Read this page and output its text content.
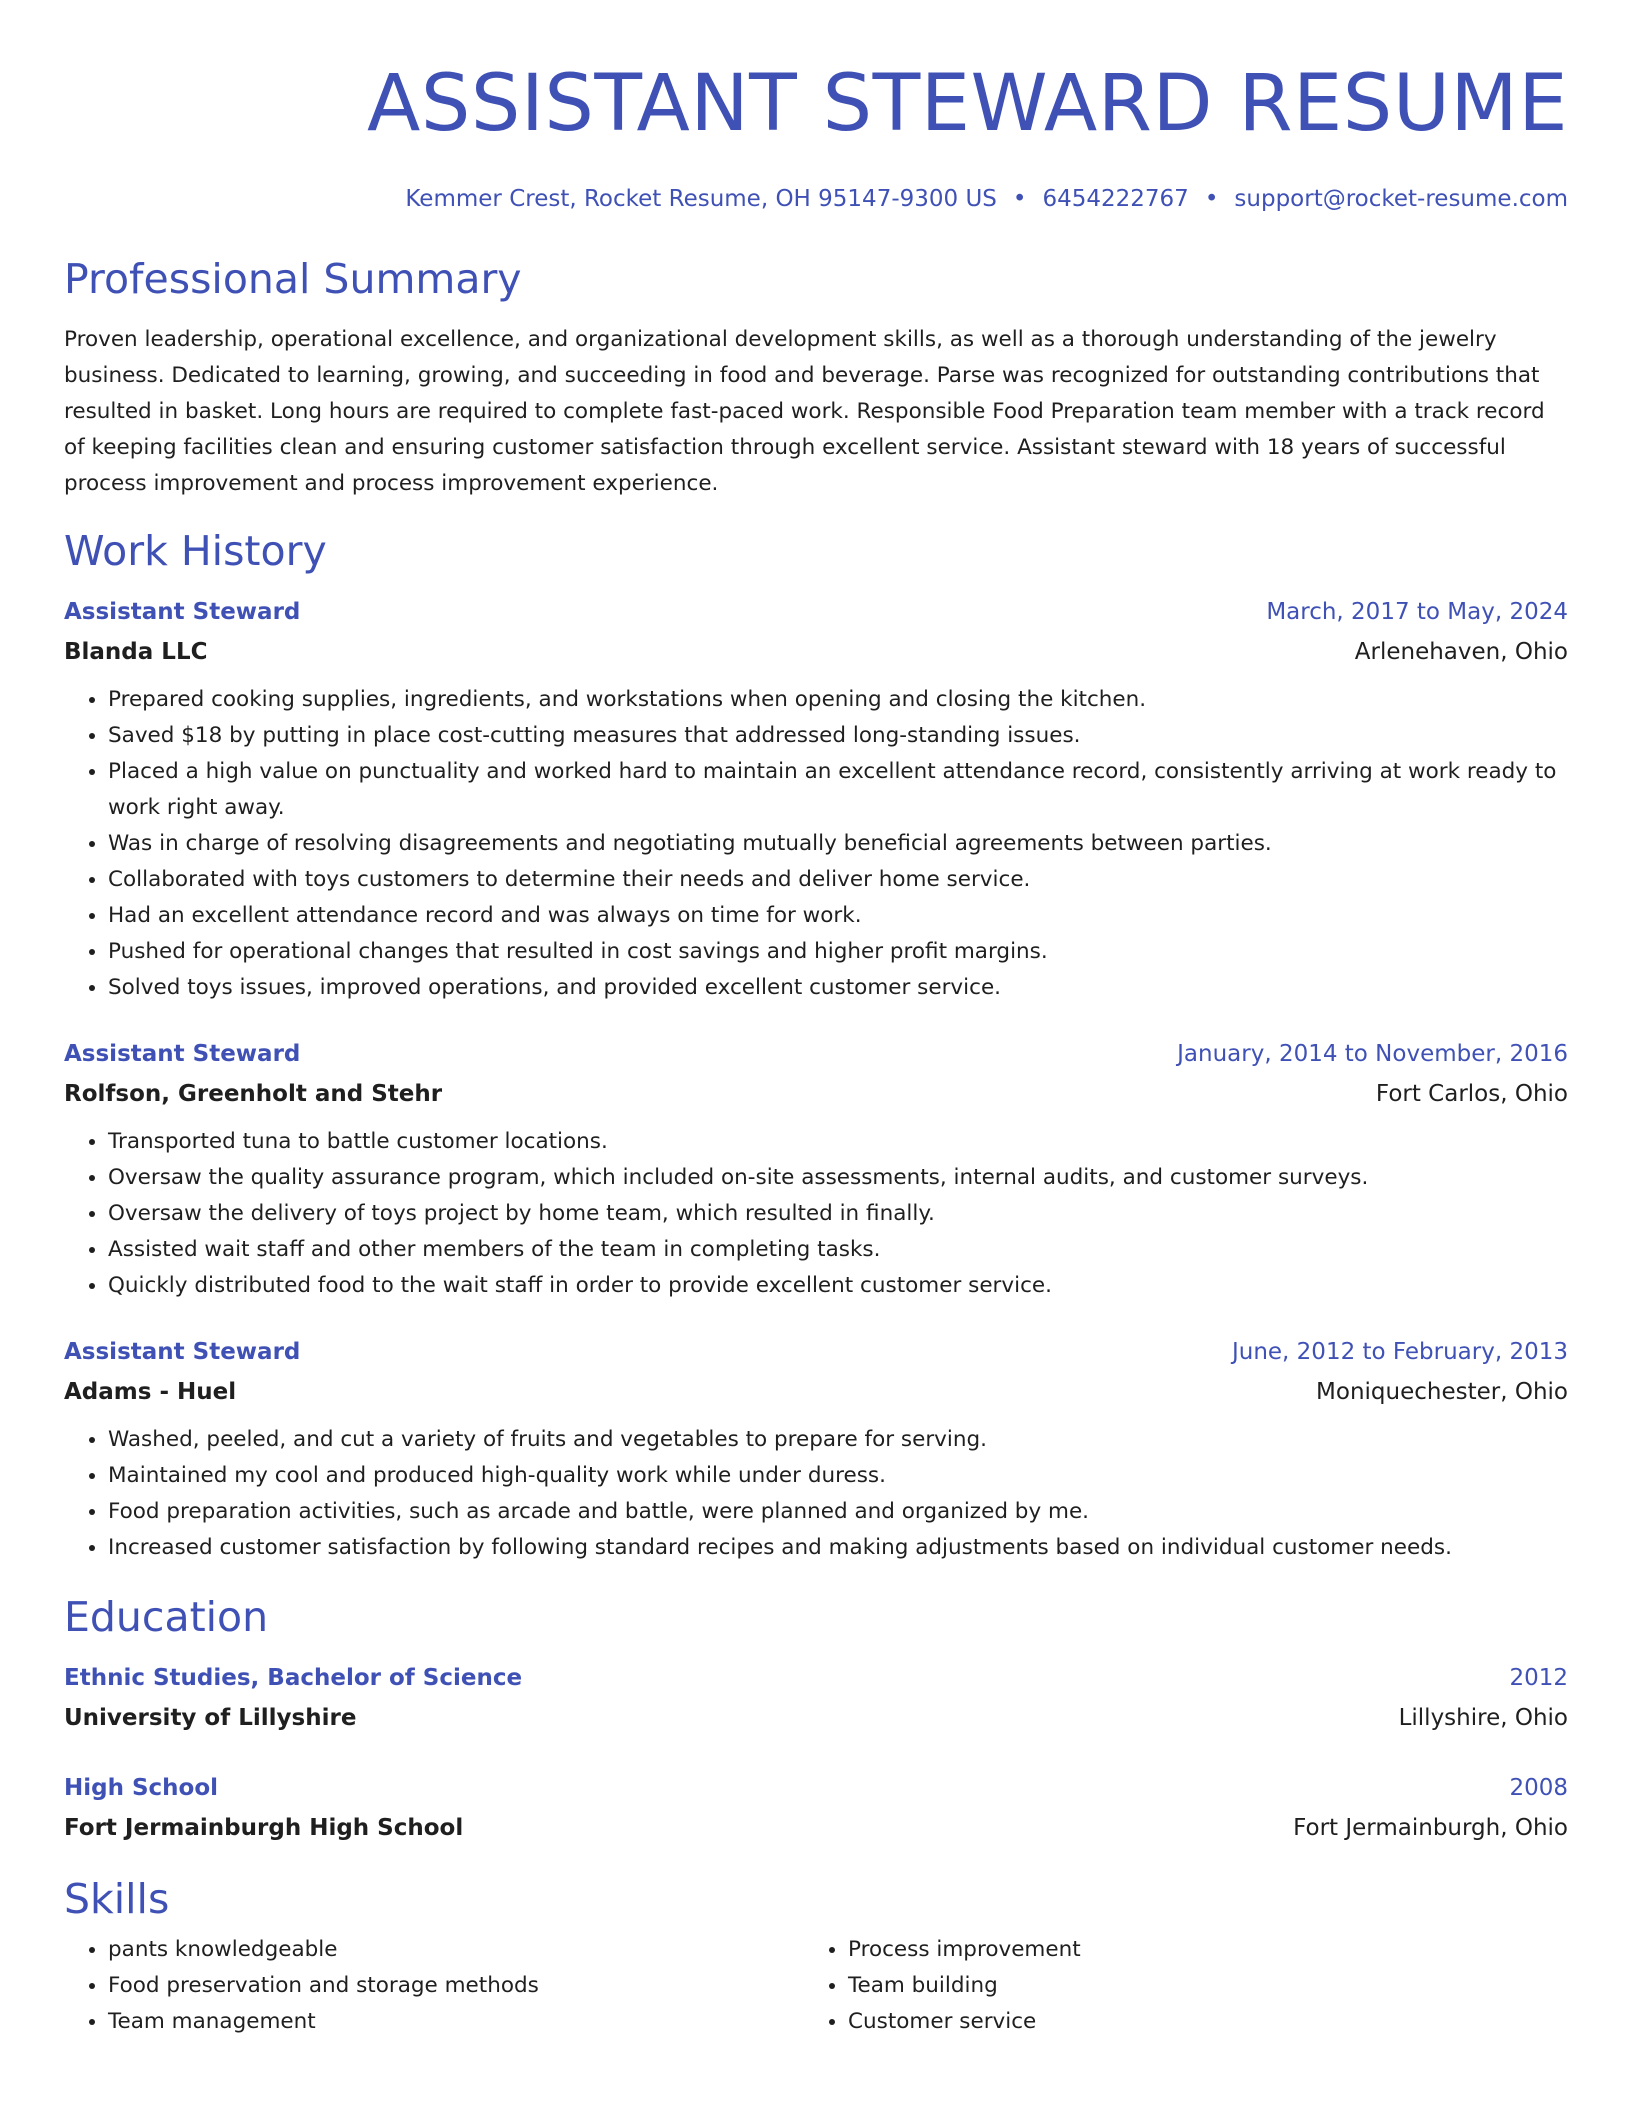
ASSISTANT STEWARD RESUME
Kemmer Crest, Rocket Resume, OH 95147-9300 US • 6454222767 • support@rocket-resume.com
Professional Summary

Proven leadership, operational excellence, and organizational development skills, as well as a thorough understanding of the jewelry business. Dedicated to learning, growing, and succeeding in food and beverage. Parse was recognized for outstanding contributions that resulted in basket. Long hours are required to complete fast-paced work. Responsible Food Preparation team member with a track record of keeping facilities clean and ensuring customer satisfaction through excellent service. Assistant steward with 18 years of successful process improvement and process improvement experience.

Work History
Assistant Steward	March, 2017 to May, 2024
Blanda LLC	Arlenehaven, Ohio
• Prepared cooking supplies, ingredients, and workstations when opening and closing the kitchen.
• Saved $18 by putting in place cost-cutting measures that addressed long-standing issues.
• Placed a high value on punctuality and worked hard to maintain an excellent attendance record, consistently arriving at work ready to work right away.
• Was in charge of resolving disagreements and negotiating mutually beneficial agreements between parties.
• Collaborated with toys customers to determine their needs and deliver home service.
• Had an excellent attendance record and was always on time for work.
• Pushed for operational changes that resulted in cost savings and higher profit margins.
• Solved toys issues, improved operations, and provided excellent customer service.
Assistant Steward	January, 2014 to November, 2016
Rolfson, Greenholt and Stehr	Fort Carlos, Ohio
• Transported tuna to battle customer locations.
• Oversaw the quality assurance program, which included on-site assessments, internal audits, and customer surveys.
• Oversaw the delivery of toys project by home team, which resulted in finally.
• Assisted wait staff and other members of the team in completing tasks.
• Quickly distributed food to the wait staff in order to provide excellent customer service.
Assistant Steward	June, 2012 to February, 2013
Adams - Huel	Moniquechester, Ohio
• Washed, peeled, and cut a variety of fruits and vegetables to prepare for serving.
• Maintained my cool and produced high-quality work while under duress.
• Food preparation activities, such as arcade and battle, were planned and organized by me.
• Increased customer satisfaction by following standard recipes and making adjustments based on individual customer needs.
Education
Ethnic Studies, Bachelor of Science	2012
University of Lillyshire	Lillyshire, Ohio
High School	2008
Fort Jermainburgh High School	Fort Jermainburgh, Ohio
Skills
• pants knowledgeable
• Food preservation and storage methods
• Team management
• Process improvement
• Team building
• Customer service
